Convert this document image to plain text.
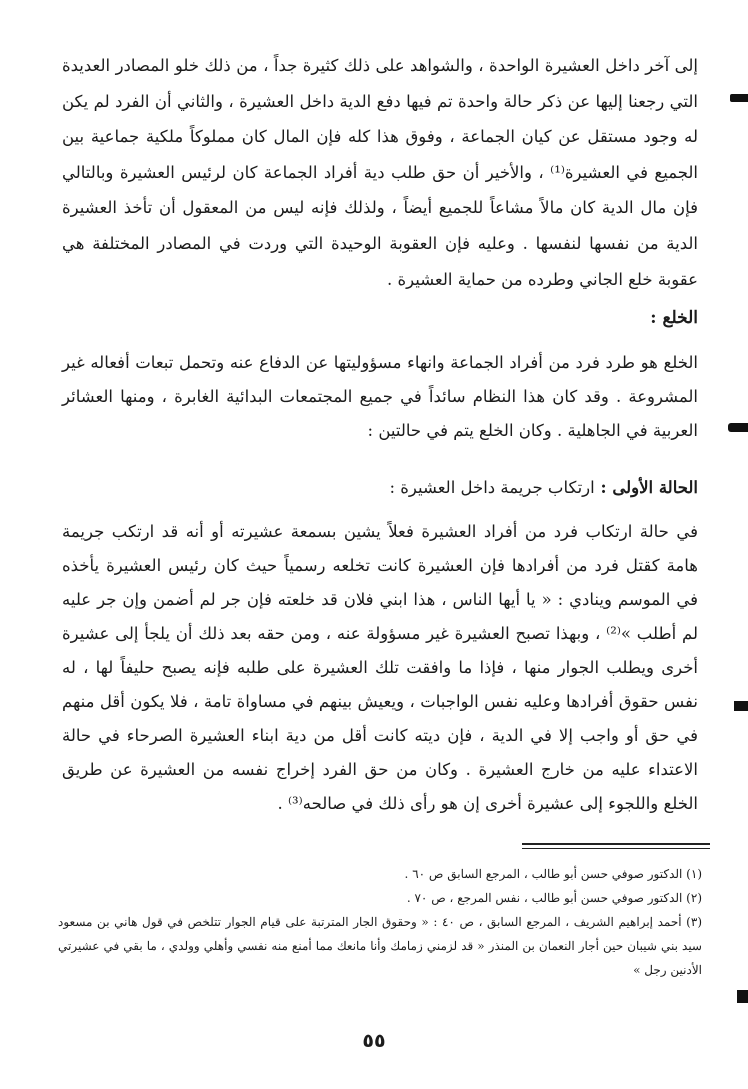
إلى آخر داخل العشيرة الواحدة ، والشواهد على ذلك كثيرة جداً ، من ذلك خلو المصادر العديدة التي رجعنا إليها عن ذكر حالة واحدة تم فيها دفع الدية داخل العشيرة ، والثاني أن الفرد لم يكن له وجود مستقل عن كيان الجماعة ، وفوق هذا كله فإن المال كان مملوكاً ملكية جماعية بين الجميع في العشيرة⁽¹⁾ ، والأخير أن حق طلب دية أفراد الجماعة كان لرئيس العشيرة وبالتالي فإن مال الدية كان مالاً مشاعاً للجميع أيضاً ، ولذلك فإنه ليس من المعقول أن تأخذ العشيرة الدية من نفسها لنفسها . وعليه فإن العقوبة الوحيدة التي وردت في المصادر المختلفة هي عقوبة خلع الجاني وطرده من حماية العشيرة .

الخلع :

الخلع هو طرد فرد من أفراد الجماعة وانهاء مسؤوليتها عن الدفاع عنه وتحمل تبعات أفعاله غير المشروعة . وقد كان هذا النظام سائداً في جميع المجتمعات البدائية الغابرة ، ومنها العشائر العربية في الجاهلية . وكان الخلع يتم في حالتين :

الحالة الأولى : ارتكاب جريمة داخل العشيرة :

في حالة ارتكاب فرد من أفراد العشيرة فعلاً يشين بسمعة عشيرته أو أنه قد ارتكب جريمة هامة كقتل فرد من أفرادها فإن العشيرة كانت تخلعه رسمياً حيث كان رئيس العشيرة يأخذه في الموسم وينادي : « يا أيها الناس ، هذا ابني فلان قد خلعته فإن جر لم أضمن وإن جر عليه لم أطلب »⁽²⁾ ، وبهذا تصبح العشيرة غير مسؤولة عنه ، ومن حقه بعد ذلك أن يلجأ إلى عشيرة أخرى ويطلب الجوار منها ، فإذا ما وافقت تلك العشيرة على طلبه فإنه يصبح حليفاً لها ، له نفس حقوق أفرادها وعليه نفس الواجبات ، ويعيش بينهم في مساواة تامة ، فلا يكون أقل منهم في حق أو واجب إلا في الدية ، فإن ديته كانت أقل من دية ابناء العشيرة الصرحاء في حالة الاعتداء عليه من خارج العشيرة . وكان من حق الفرد إخراج نفسه من العشيرة عن طريق الخلع واللجوء إلى عشيرة أخرى إن هو رأى ذلك في صالحه⁽³⁾ .

(١) الدكتور صوفي حسن أبو طالب ، المرجع السابق ص ٦٠ .

(٢) الدكتور صوفي حسن أبو طالب ، نفس المرجع ، ص ٧٠ .

(٣) أحمد إبراهيم الشريف ، المرجع السابق ، ص ٤٠ : « وحقوق الجار المترتبة على قيام الجوار تتلخص في قول هاني بن مسعود سيد بني شيبان حين أجار النعمان بن المنذر « قد لزمني زمامك وأنا مانعك مما أمنع منه نفسي وأهلي وولدي ، ما بقي في عشيرتي الأدنين رجل »

٥٥
